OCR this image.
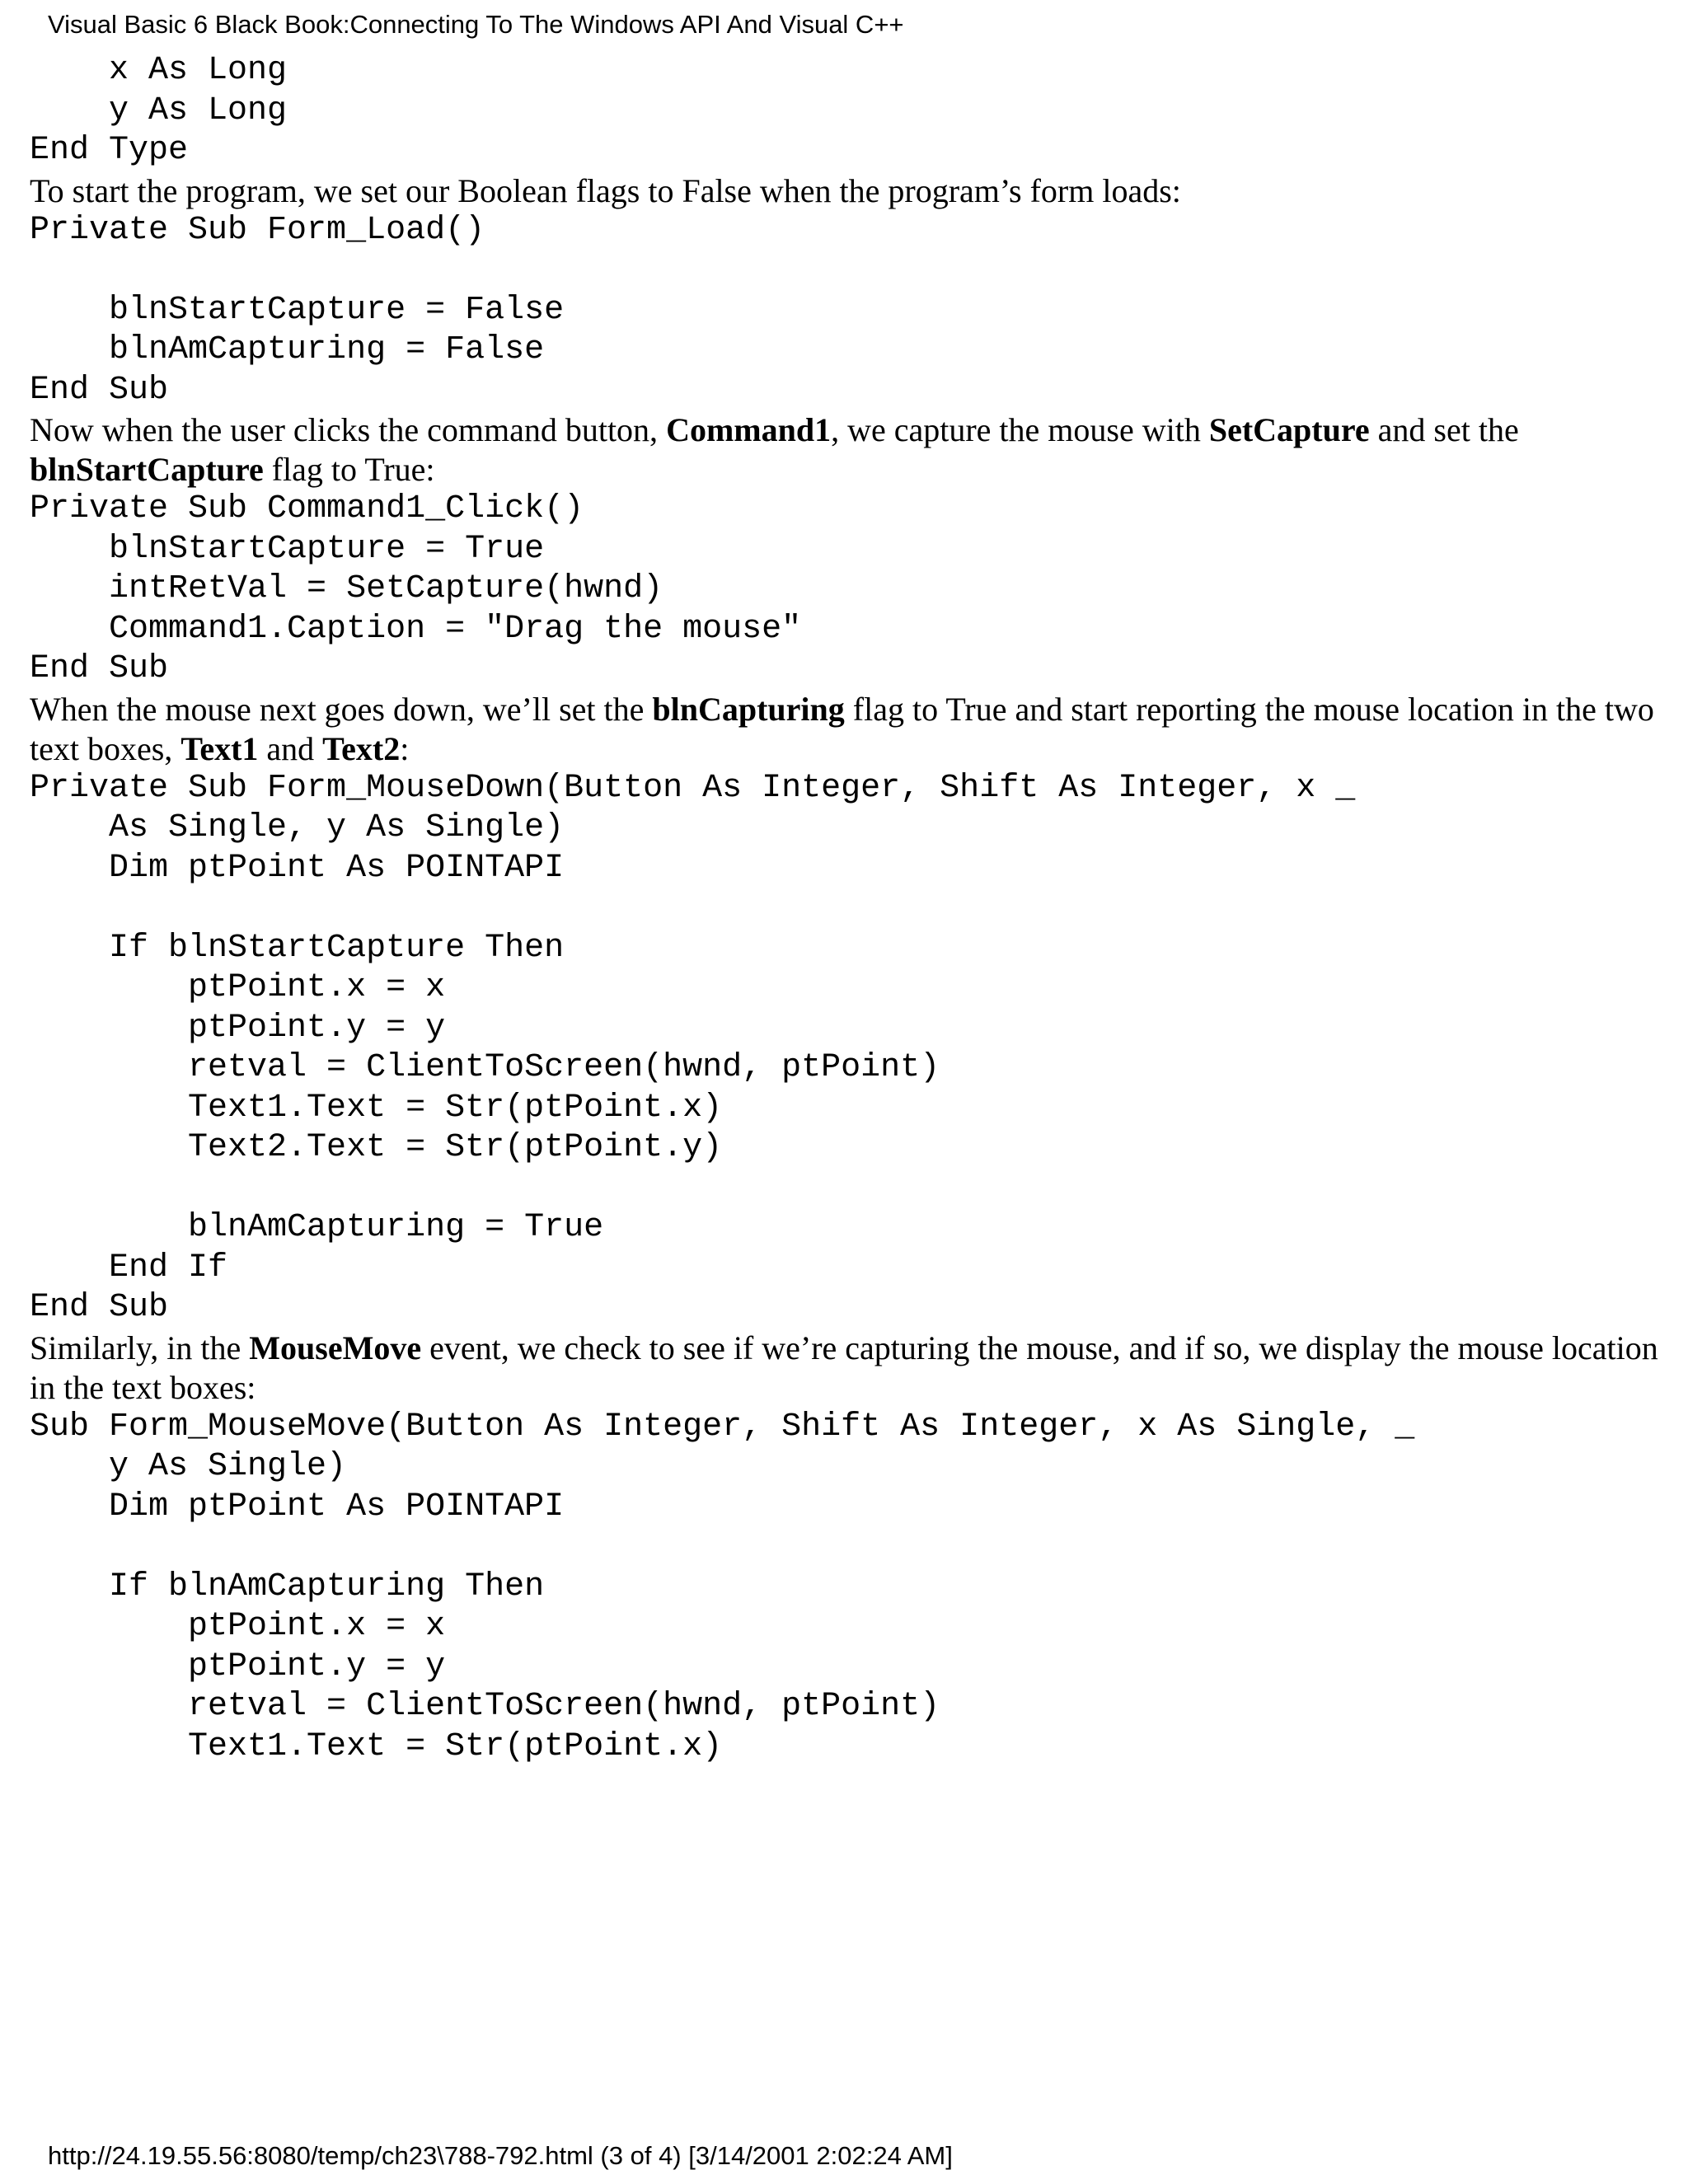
Visual Basic 6 Black Book:Connecting To The Windows API And Visual C++
x As Long
y As Long
End Type

To start the program, we set our Boolean flags to False when the program’s form loads:

Private Sub Form_Load()

blnStartCapture = False
blnAmCapturing = False
End Sub

Now when the user clicks the command button, Command1, we capture the mouse with SetCapture and set the blnStartCapture flag to True:

Private Sub Command1_Click()
blnStartCapture = True
intRetVal = SetCapture(hwnd)
Command1.Caption = "Drag the mouse"
End Sub

When the mouse next goes down, we’ll set the blnCapturing flag to True and start reporting the mouse location in the two text boxes, Text1 and Text2:

Private Sub Form_MouseDown(Button As Integer, Shift As Integer, x _
As Single, y As Single)
Dim ptPoint As POINTAPI

If blnStartCapture Then
ptPoint.x = x
ptPoint.y = y
retval = ClientToScreen(hwnd, ptPoint)
Text1.Text = Str(ptPoint.x)
Text2.Text = Str(ptPoint.y)

blnAmCapturing = True
End If
End Sub

Similarly, in the MouseMove event, we check to see if we’re capturing the mouse, and if so, we display the mouse location in the text boxes:

Sub Form_MouseMove(Button As Integer, Shift As Integer, x As Single, _
y As Single)
Dim ptPoint As POINTAPI

If blnAmCapturing Then
ptPoint.x = x
ptPoint.y = y
retval = ClientToScreen(hwnd, ptPoint)
Text1.Text = Str(ptPoint.x)
http://24.19.55.56:8080/temp/ch23\788-792.html (3 of 4) [3/14/2001 2:02:24 AM]
